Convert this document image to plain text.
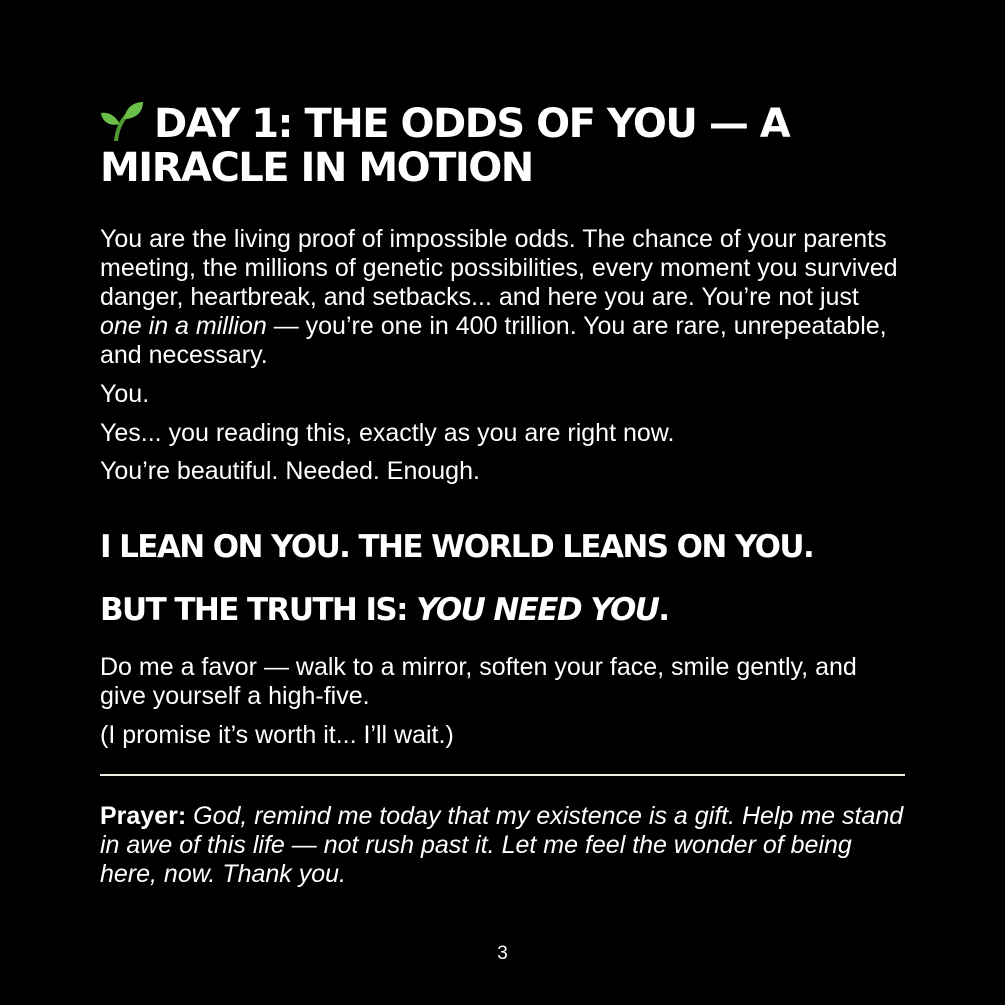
DAY 1: THE ODDS OF YOU — A MIRACLE IN MOTION

You are the living proof of impossible odds. The chance of your parents meeting, the millions of genetic possibilities, every moment you survived danger, heartbreak, and setbacks... and here you are. You’re not just one in a million — you’re one in 400 trillion. You are rare, unrepeatable, and necessary.

You.

Yes... you reading this, exactly as you are right now.

You’re beautiful. Needed. Enough.

I LEAN ON YOU. THE WORLD LEANS ON YOU.
BUT THE TRUTH IS: YOU NEED YOU.

Do me a favor — walk to a mirror, soften your face, smile gently, and give yourself a high-five.

(I promise it’s worth it... I’ll wait.)

Prayer: God, remind me today that my existence is a gift. Help me stand in awe of this life — not rush past it. Let me feel the wonder of being here, now. Thank you.

3
